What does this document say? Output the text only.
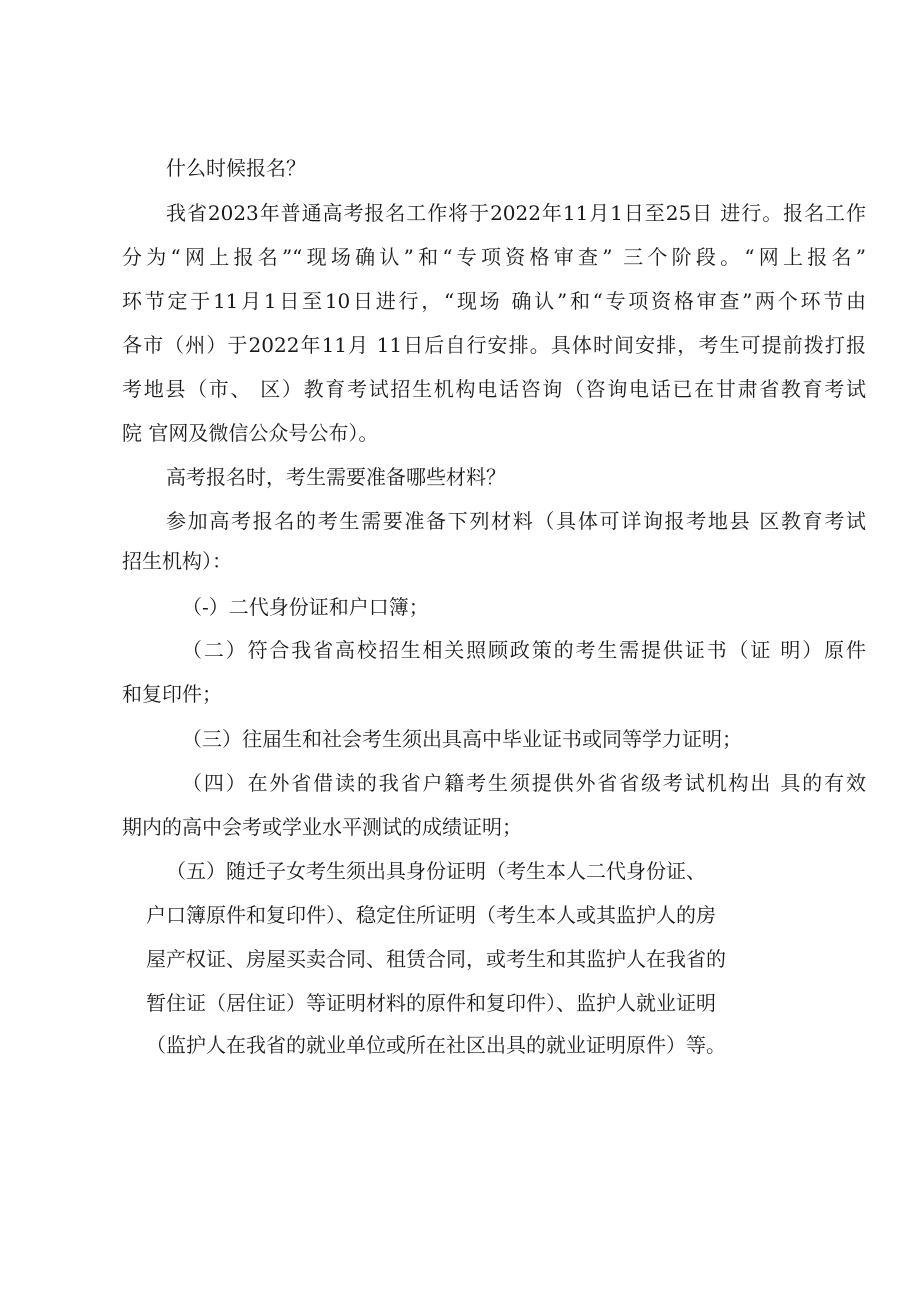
什么时候报名？
我省2023年普通高考报名工作将于2022年11月1日至25日 进行。报名工作
分为“网上报名”“现场确认”和“专项资格审查” 三个阶段。“网上报名”
环节定于11月1日至10日进行，“现场 确认”和“专项资格审查”两个环节由
各市（州）于2022年11月 11日后自行安排。具体时间安排，考生可提前拨打报
考地县（市、 区）教育考试招生机构电话咨询（咨询电话已在甘肃省教育考试
院 官网及微信公众号公布）。
高考报名时，考生需要准备哪些材料？
参加高考报名的考生需要准备下列材料（具体可详询报考地县 区教育考试
招生机构）：
（-）二代身份证和户口簿；
（二）符合我省高校招生相关照顾政策的考生需提供证书（证 明）原件
和复印件；
（三）往届生和社会考生须出具高中毕业证书或同等学力证明；
（四）在外省借读的我省户籍考生须提供外省省级考试机构出 具的有效
期内的高中会考或学业水平测试的成绩证明；
（五）随迁子女考生须出具身份证明（考生本人二代身份证、
户口簿原件和复印件）、稳定住所证明（考生本人或其监护人的房
屋产权证、房屋买卖合同、租赁合同，或考生和其监护人在我省的
暂住证（居住证）等证明材料的原件和复印件）、监护人就业证明
（监护人在我省的就业单位或所在社区出具的就业证明原件）等。
